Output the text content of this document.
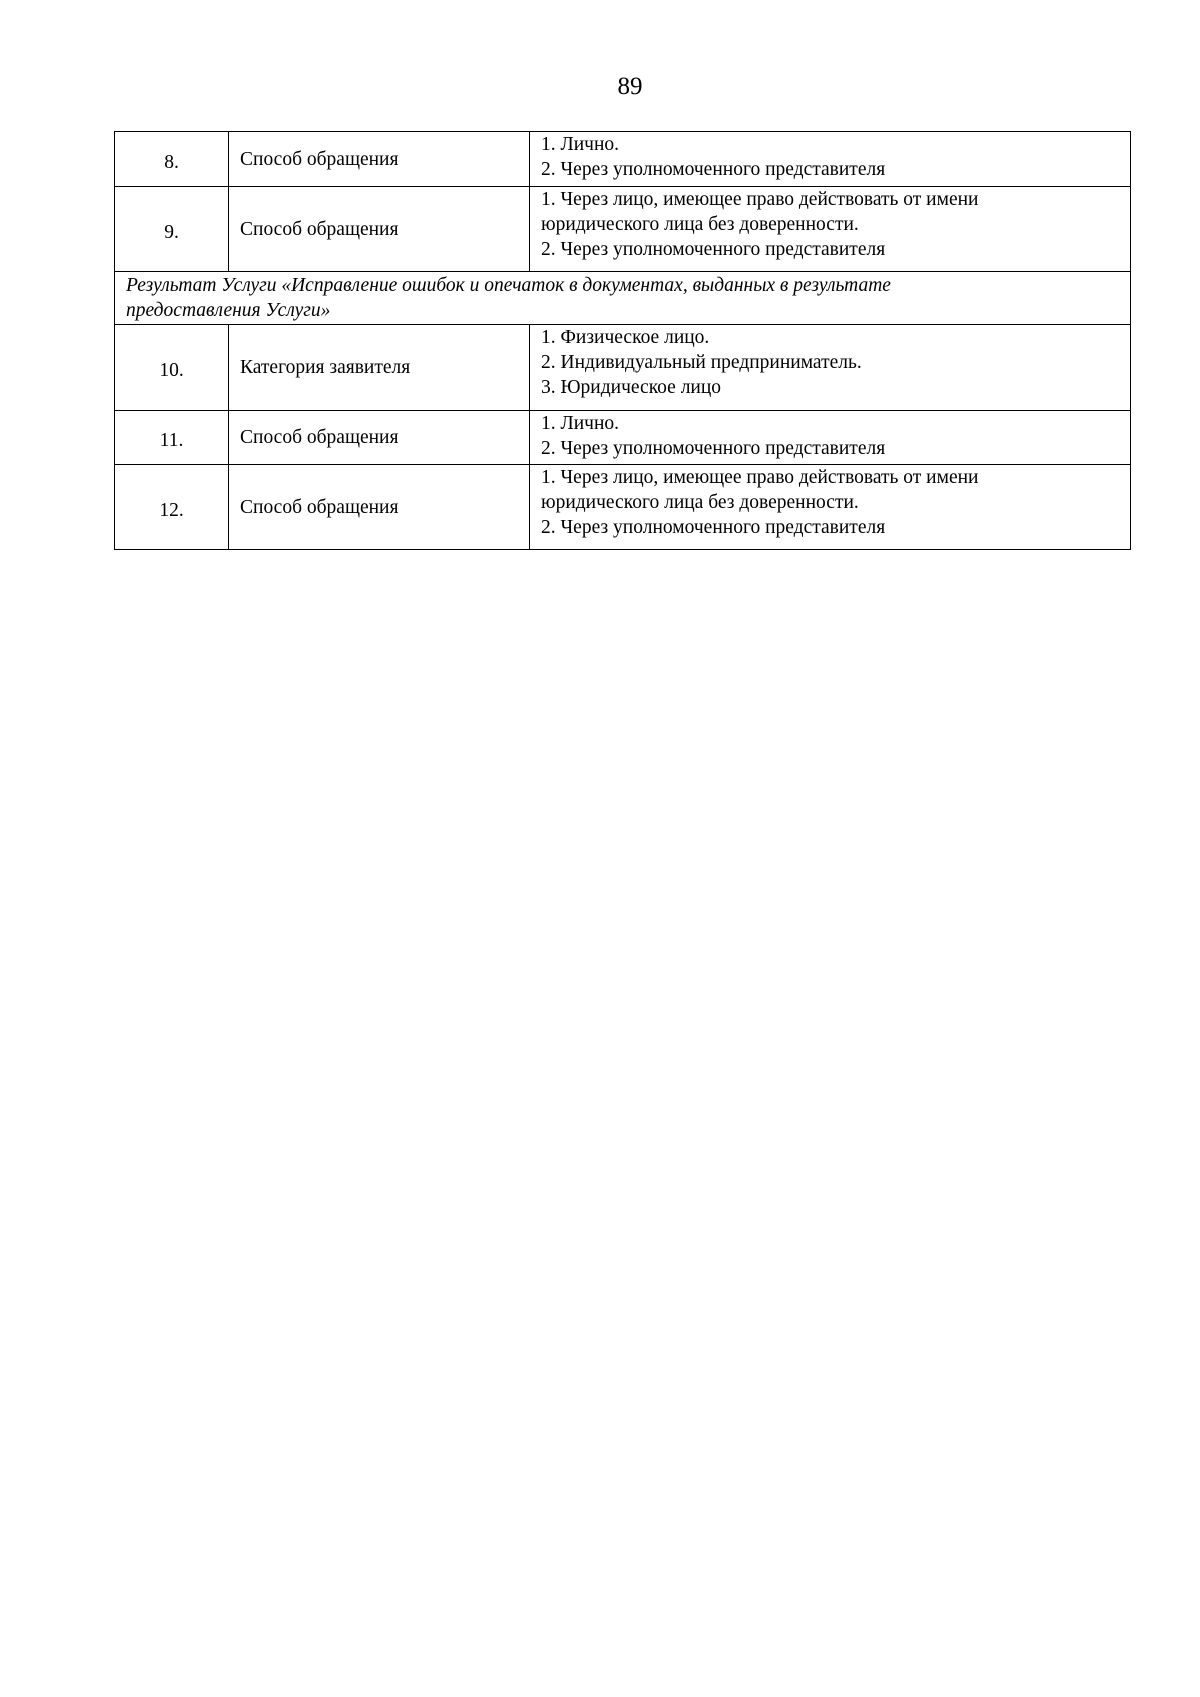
89
8.	Способ обращения	1. Лично.
2. Через уполномоченного представителя

9.	Способ обращения	1. Через лицо, имеющее право действовать от имени
юридического лица без доверенности.
2. Через уполномоченного представителя

Результат Услуги «Исправление ошибок и опечаток в документах, выданных в результате
предоставления Услуги»		

10.	Категория заявителя	1. Физическое лицо.
2. Индивидуальный предприниматель.
3. Юридическое лицо

11.	Способ обращения	1. Лично.
2. Через уполномоченного представителя

12.	Способ обращения	1. Через лицо, имеющее право действовать от имени
юридического лица без доверенности.
2. Через уполномоченного представителя
